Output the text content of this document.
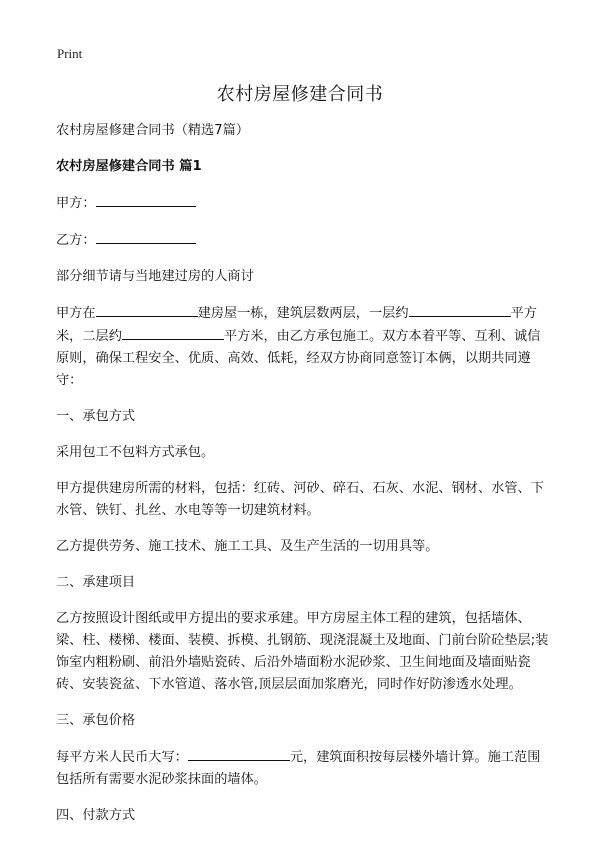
Print
农村房屋修建合同书

农村房屋修建合同书（精选7篇）

农村房屋修建合同书 篇1

甲方：

乙方：

部分细节请与当地建过房的人商讨

甲方在	建房屋一栋，建筑层数两层，一层约	平方米，二层约	平方米，由乙方承包施工。双方本着平等、互利、诚信原则，确保工程安全、优质、高效、低耗，经双方协商同意签订本俩，以期共同遵守：

一、承包方式

采用包工不包料方式承包。

甲方提供建房所需的材料，包括：红砖、河砂、碎石、石灰、水泥、钢材、水管、下水管、铁钉、扎丝、水电等等一切建筑材料。

乙方提供劳务、施工技术、施工工具、及生产生活的一切用具等。

二、承建项目

乙方按照设计图纸或甲方提出的要求承建。甲方房屋主体工程的建筑，包括墙体、梁、柱、楼梯、楼面、装模、拆模、扎钢筋、现浇混凝土及地面、门前台阶砼垫层;装饰室内粗粉刷、前沿外墙贴瓷砖、后沿外墙面粉水泥砂浆、卫生间地面及墙面贴瓷砖、安装瓷盆、下水管道、落水管,顶层层面加浆磨光，同时作好防渗透水处理。

三、承包价格

每平方米人民币大写：	元，建筑面积按每层楼外墙计算。施工范围包括所有需要水泥砂浆抹面的墙体。

四、付款方式
